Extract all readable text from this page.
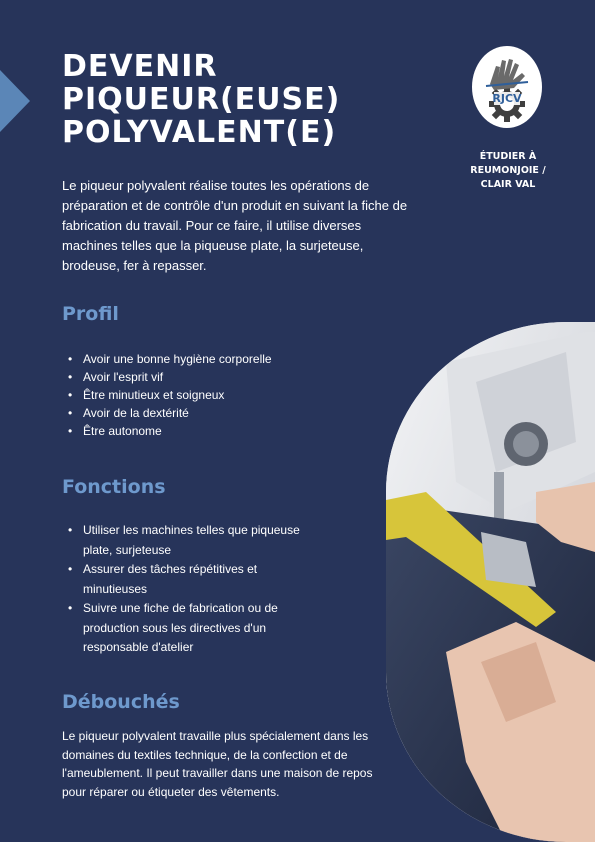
DEVENIR
PIQUEUR(EUSE)
POLYVALENT(E)

Le piqueur polyvalent réalise toutes les opérations de préparation et de contrôle d'un produit en suivant la fiche de fabrication du travail. Pour ce faire, il utilise diverses machines telles que la piqueuse plate, la surjeteuse, brodeuse, fer à repasser.

RJCV

ÉTUDIER À
REUMONJOIE /
CLAIR VAL

Profil
• Avoir une bonne hygiène corporelle
• Avoir l'esprit vif
• Être minutieux et soigneux
• Avoir de la dextérité
• Être autonome
Fonctions
• Utiliser les machines telles que piqueuse plate, surjeteuse
• Assurer des tâches répétitives et minutieuses
• Suivre une fiche de fabrication ou de production sous les directives d'un responsable d'atelier
Débouchés

Le piqueur polyvalent travaille plus spécialement dans les domaines du textiles technique, de la confection et de l'ameublement. Il peut travailler dans une maison de repos pour réparer ou étiqueter des vêtements.
